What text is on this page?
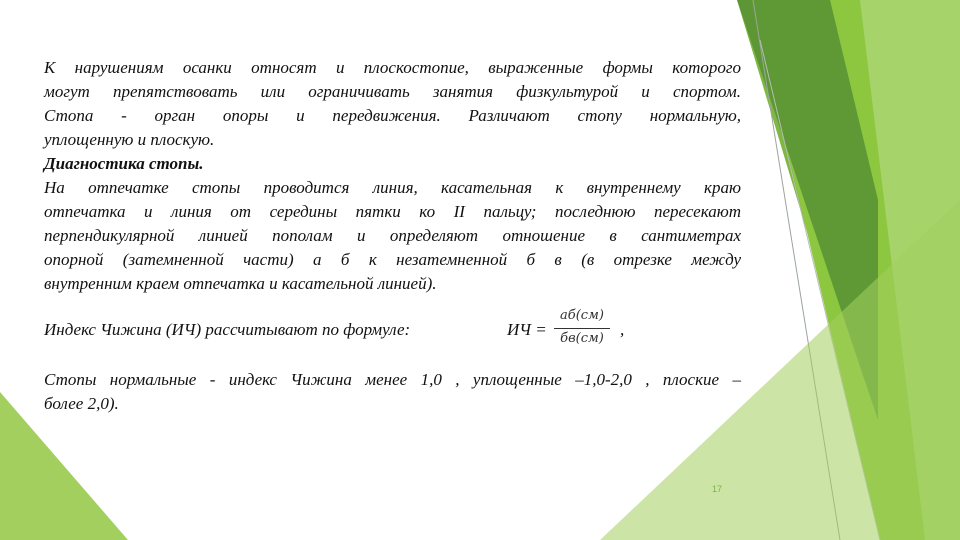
К нарушениям осанки относят и плоскостопие, выраженные формы которого
могут препятствовать или ограничивать занятия физкультурой и спортом.
Стопа - орган опоры и передвижения. Различают стопу нормальную,
уплощенную и плоскую.
Диагностика стопы.
На отпечатке стопы проводится линия, касательная к внутреннему краю
отпечатка и линия от середины пятки ко II пальцу; последнюю пересекают
перпендикулярной линией пополам и определяют отношение в сантиметрах
опорной (затемненной части) а б к незатемненной б в (в отрезке между
внутренним краем отпечатка и касательной линией).
Индекс Чижина (ИЧ) рассчитывают по формуле:	ИЧ =
аб(см)
бв(см) ,
Стопы нормальные - индекс Чижина менее 1,0 , уплощенные –1,0-2,0 , плоские –
более 2,0).
17
